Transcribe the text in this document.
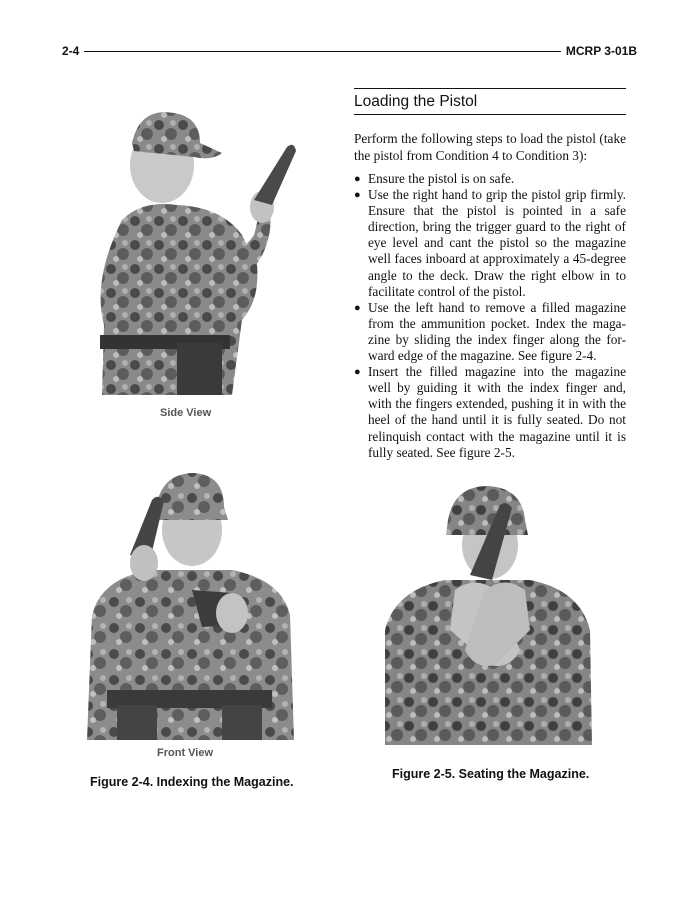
2-4	MCRP 3-01B
Side View
Front View
Figure 2-4. Indexing the Magazine.
Loading the Pistol

Perform the following steps to load the pistol (take the pistol from Condition 4 to Condition 3):

● Ensure the pistol is on safe.
● Use the right hand to grip the pistol grip firmly. Ensure that the pistol is pointed in a safe direction, bring the trigger guard to the right of eye level and cant the pistol so the magazine well faces inboard at approximately a 45-degree angle to the deck. Draw the right elbow in to facilitate control of the pistol.
● Use the left hand to remove a filled magazine from the ammunition pocket. Index the maga-zine by sliding the index finger along the for-ward edge of the magazine. See figure 2-4.
● Insert the filled magazine into the magazine well by guiding it with the index finger and, with the fingers extended, pushing it in with the heel of the hand until it is fully seated. Do not relinquish contact with the magazine until it is fully seated. See figure 2-5.
Figure 2-5. Seating the Magazine.
